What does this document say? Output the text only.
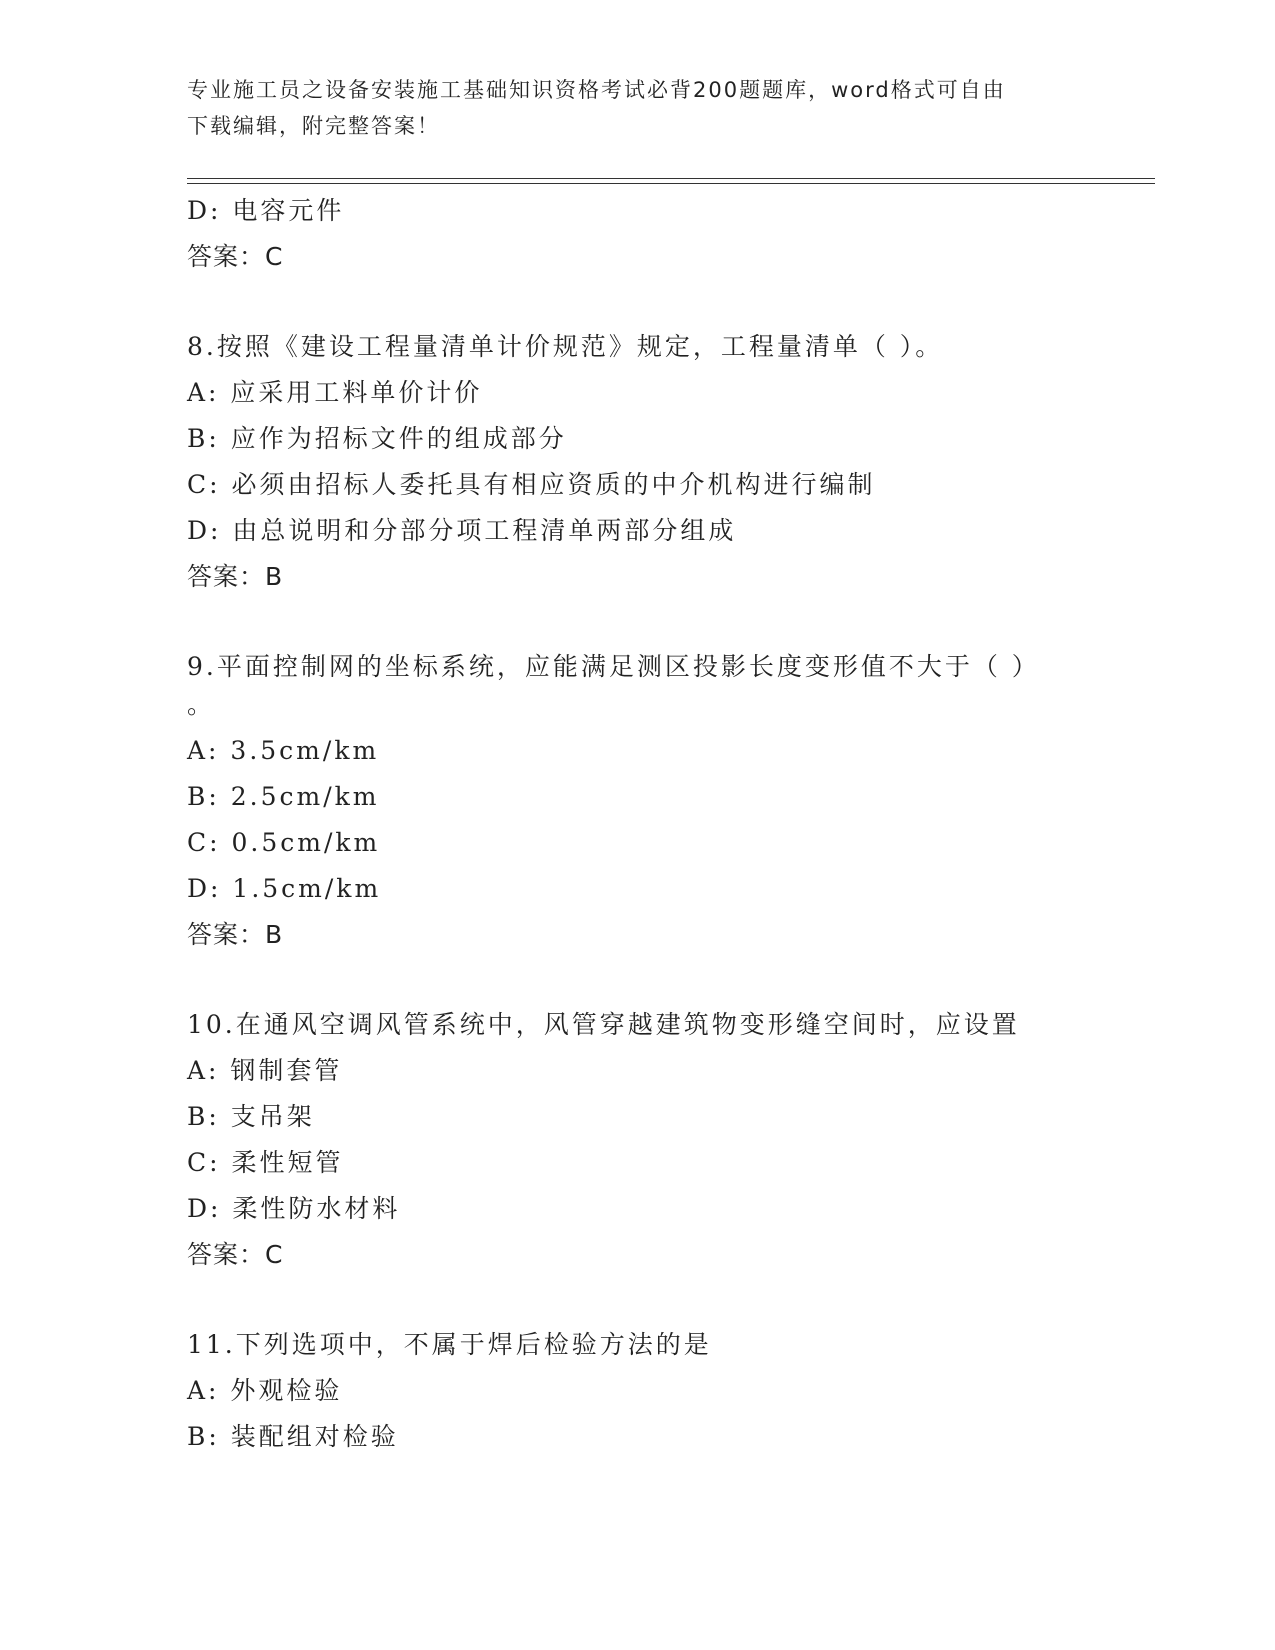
专业施工员之设备安装施工基础知识资格考试必背200题题库，word格式可自由
下载编辑，附完整答案！
D: 电容元件
答案：C
8.按照《建设工程量清单计价规范》规定，工程量清单（ ）。
A: 应采用工料单价计价
B: 应作为招标文件的组成部分
C: 必须由招标人委托具有相应资质的中介机构进行编制
D: 由总说明和分部分项工程清单两部分组成
答案：B
9.平面控制网的坐标系统，应能满足测区投影长度变形值不大于（ ）
。
A: 3.5cm/km
B: 2.5cm/km
C: 0.5cm/km
D: 1.5cm/km
答案：B
10.在通风空调风管系统中，风管穿越建筑物变形缝空间时，应设置
A: 钢制套管
B: 支吊架
C: 柔性短管
D: 柔性防水材料
答案：C
11.下列选项中，不属于焊后检验方法的是
A: 外观检验
B: 装配组对检验
